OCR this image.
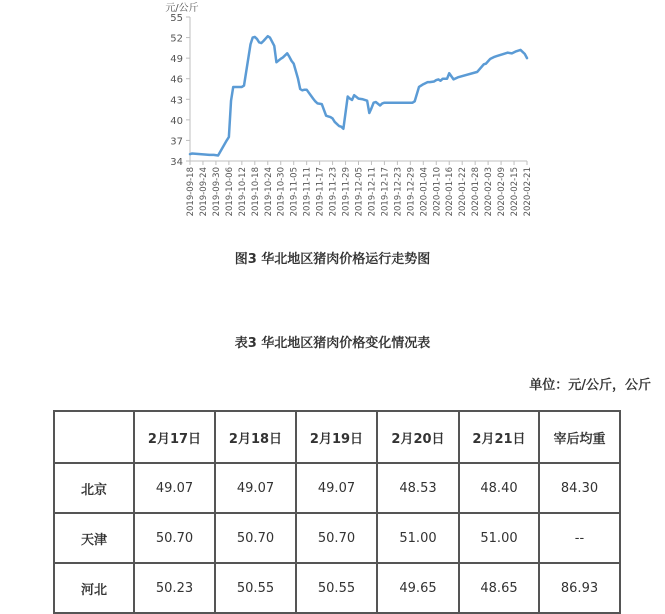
元/公斤
34
37
40
43
46
49
52
55
2019-09-18 2019-09-24 2019-09-30 2019-10-06 2019-10-12 2019-10-18 2019-10-24 2019-10-30 2019-11-05 2019-11-11 2019-11-17 2019-11-23 2019-11-29 2019-12-05 2019-12-11 2019-12-17 2019-12-23 2019-12-29 2020-01-04 2020-01-10 2020-01-16 2020-01-22 2020-01-28 2020-02-03 2020-02-09 2020-02-15 2020-02-21
图3 华北地区猪肉价格运行走势图
表3 华北地区猪肉价格变化情况表
单位：元/公斤，公斤
	2月17日	2月18日	2月19日	2月20日	2月21日	宰后均重
北京	49.07	49.07	49.07	48.53	48.40	84.30
天津	50.70	50.70	50.70	51.00	51.00	--
河北	50.23	50.55	50.55	49.65	48.65	86.93
